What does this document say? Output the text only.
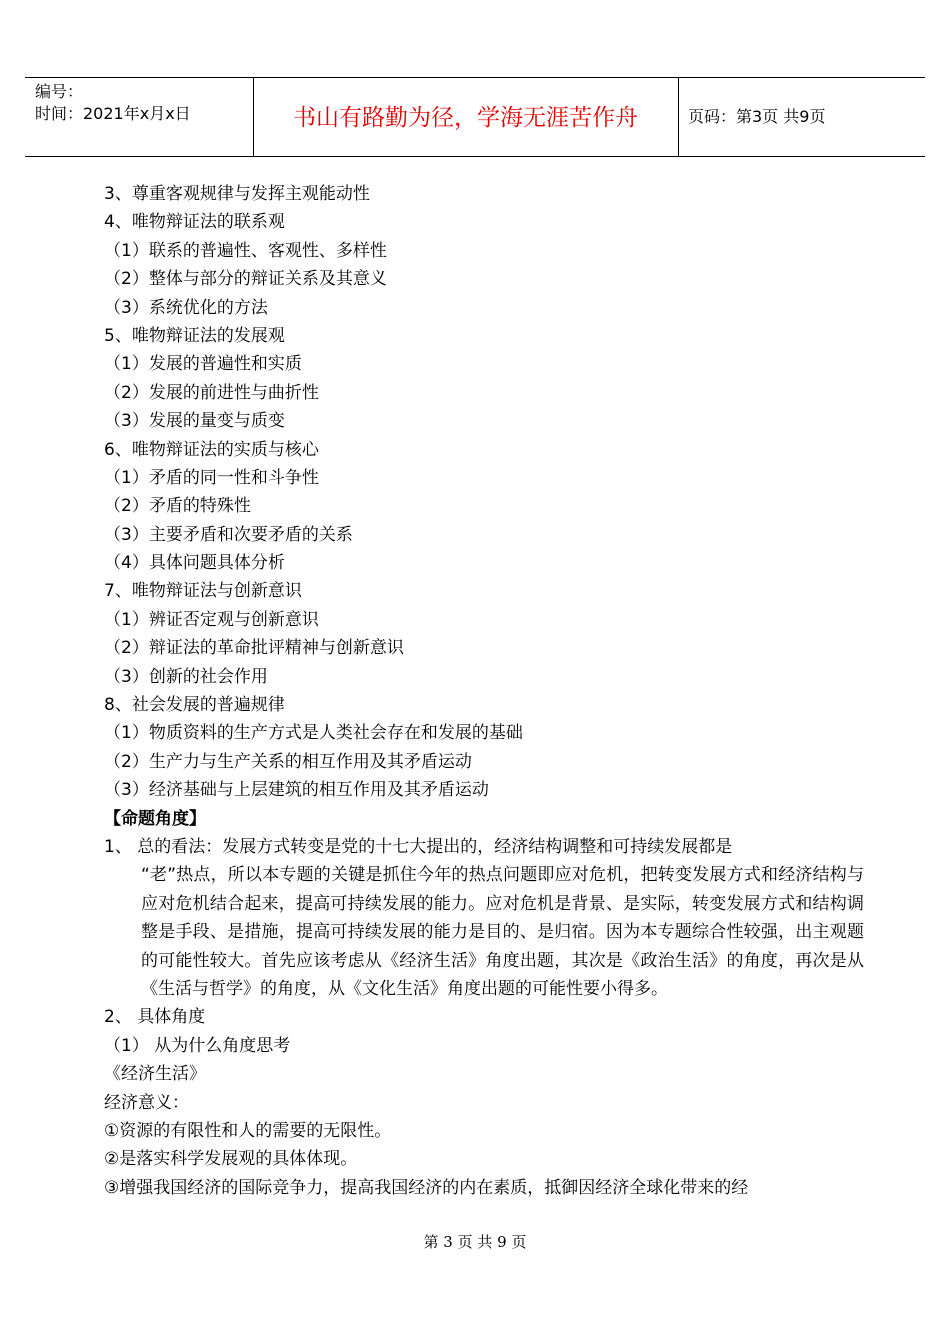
编号：
时间：2021年x月x日	书山有路勤为径，学海无涯苦作舟	页码：第3页 共9页
3、尊重客观规律与发挥主观能动性
4、唯物辩证法的联系观
（1）联系的普遍性、客观性、多样性
（2）整体与部分的辩证关系及其意义
（3）系统优化的方法
5、唯物辩证法的发展观
（1）发展的普遍性和实质
（2）发展的前进性与曲折性
（3）发展的量变与质变
6、唯物辩证法的实质与核心
（1）矛盾的同一性和斗争性
（2）矛盾的特殊性
（3）主要矛盾和次要矛盾的关系
（4）具体问题具体分析
7、唯物辩证法与创新意识
（1）辨证否定观与创新意识
（2）辩证法的革命批评精神与创新意识
（3）创新的社会作用
8、社会发展的普遍规律
（1）物质资料的生产方式是人类社会存在和发展的基础
（2）生产力与生产关系的相互作用及其矛盾运动
（3）经济基础与上层建筑的相互作用及其矛盾运动
【命题角度】
1、 总的看法：发展方式转变是党的十七大提出的，经济结构调整和可持续发展都是
“老”热点，所以本专题的关键是抓住今年的热点问题即应对危机，把转变发展方式和经济结构与应对危机结合起来，提高可持续发展的能力。应对危机是背景、是实际，转变发展方式和结构调整是手段、是措施，提高可持续发展的能力是目的、是归宿。因为本专题综合性较强，出主观题的可能性较大。首先应该考虑从《经济生活》角度出题，其次是《政治生活》的角度，再次是从《生活与哲学》的角度，从《文化生活》角度出题的可能性要小得多。
2、 具体角度
（1） 从为什么角度思考
《经济生活》
经济意义：
①资源的有限性和人的需要的无限性。
②是落实科学发展观的具体体现。
③增强我国经济的国际竞争力，提高我国经济的内在素质，抵御因经济全球化带来的经
第 3 页 共 9 页
